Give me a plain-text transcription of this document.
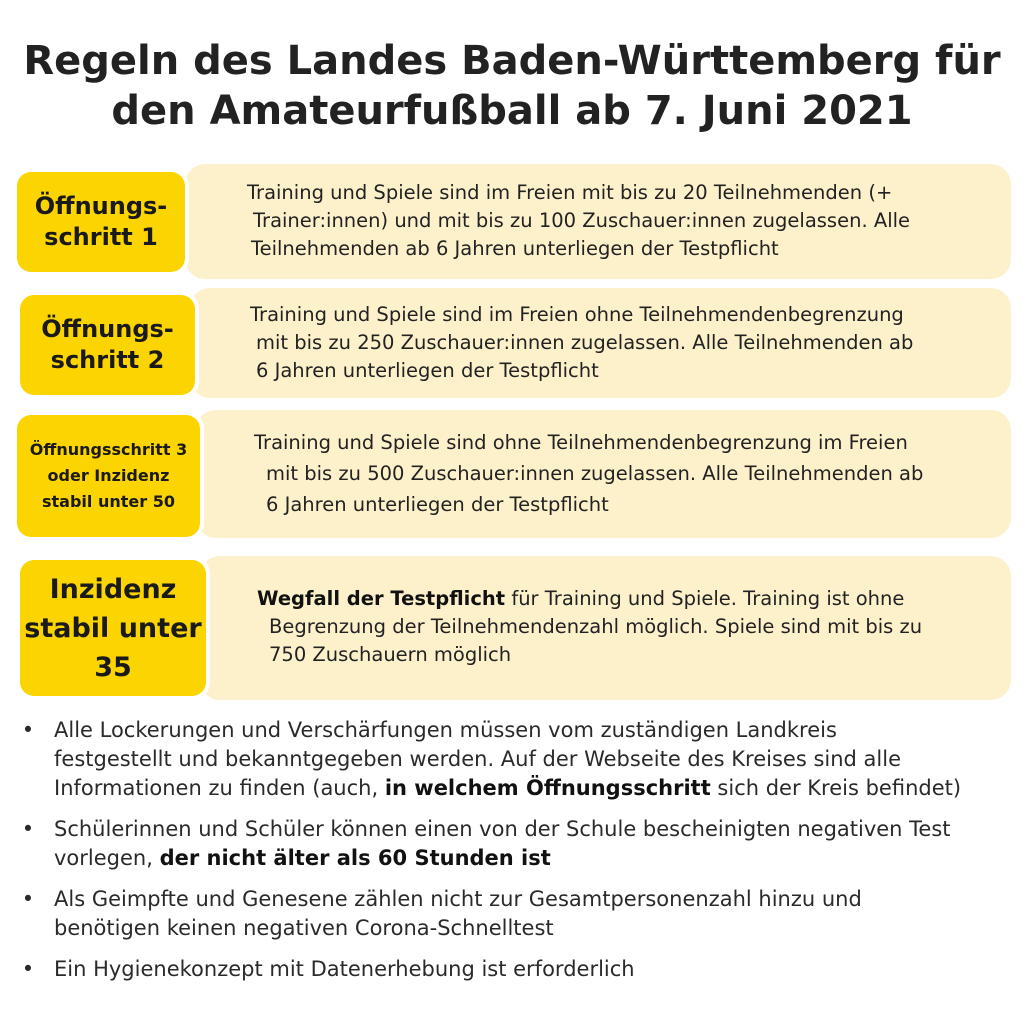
Regeln des Landes Baden-Württemberg für
den Amateurfußball ab 7. Juni 2021
Training und Spiele sind im Freien mit bis zu 20 Teilnehmenden (+
Trainer:innen) und mit bis zu 100 Zuschauer:innen zugelassen. Alle
Teilnehmenden ab 6 Jahren unterliegen der Testpflicht
Öffnungs-
schritt 1
Training und Spiele sind im Freien ohne Teilnehmendenbegrenzung
mit bis zu 250 Zuschauer:innen zugelassen. Alle Teilnehmenden ab
6 Jahren unterliegen der Testpflicht
Öffnungs-
schritt 2
Training und Spiele sind ohne Teilnehmendenbegrenzung im Freien
mit bis zu 500 Zuschauer:innen zugelassen. Alle Teilnehmenden ab
6 Jahren unterliegen der Testpflicht
Öffnungsschritt 3
oder Inzidenz
stabil unter 50
Wegfall der Testpflicht für Training und Spiele. Training ist ohne
Begrenzung der Teilnehmendenzahl möglich. Spiele sind mit bis zu
750 Zuschauern möglich
Inzidenz
stabil unter
35
• Alle Lockerungen und Verschärfungen müssen vom zuständigen Landkreis
festgestellt und bekanntgegeben werden. Auf der Webseite des Kreises sind alle
Informationen zu finden (auch, in welchem Öffnungsschritt sich der Kreis befindet)
• Schülerinnen und Schüler können einen von der Schule bescheinigten negativen Test
vorlegen, der nicht älter als 60 Stunden ist
• Als Geimpfte und Genesene zählen nicht zur Gesamtpersonenzahl hinzu und
benötigen keinen negativen Corona-Schnelltest
• Ein Hygienekonzept mit Datenerhebung ist erforderlich
